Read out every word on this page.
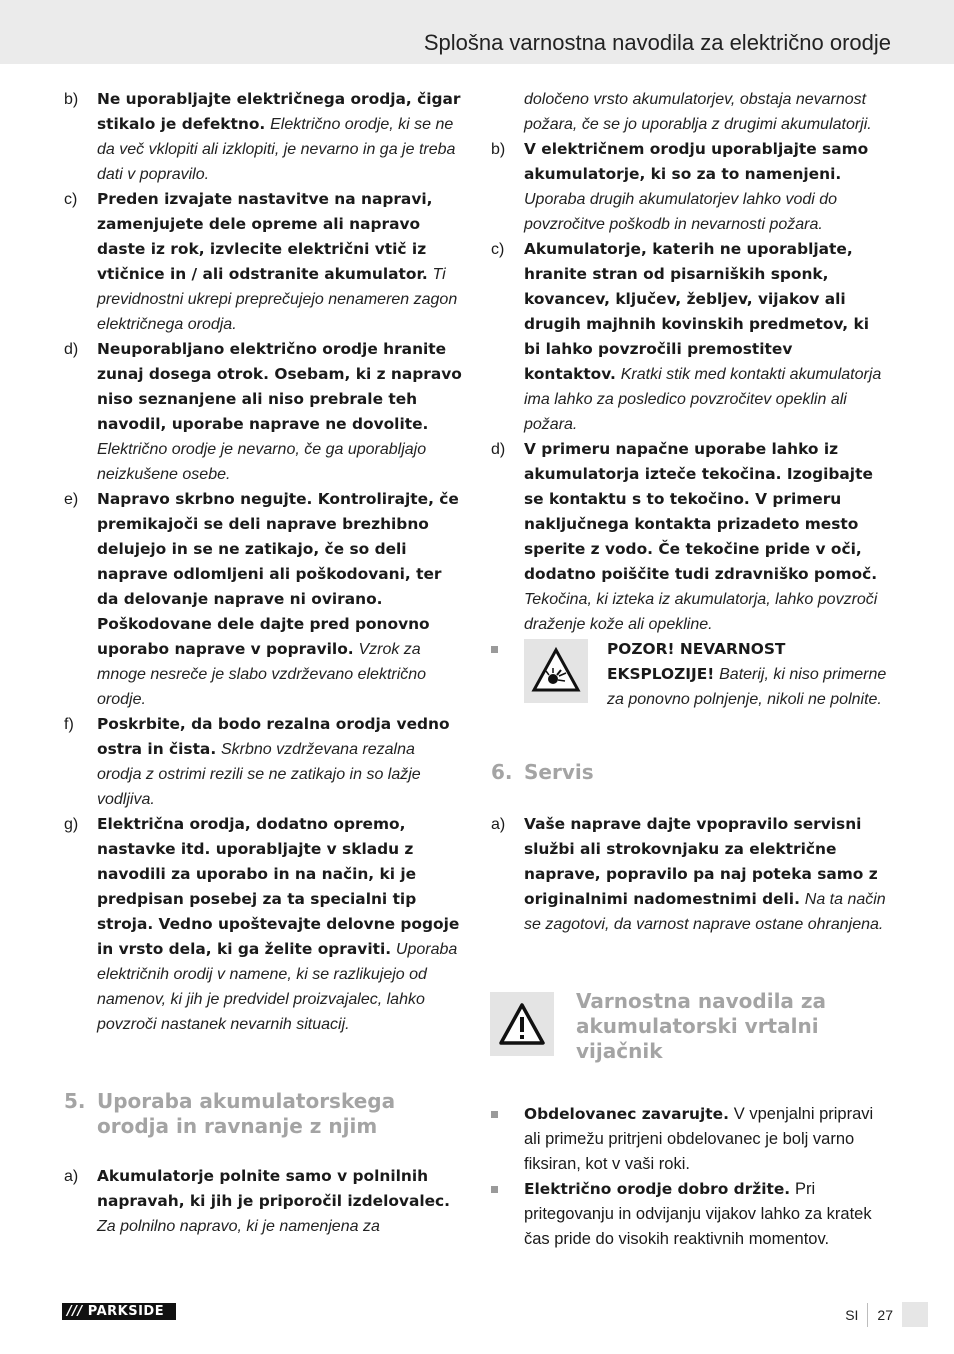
Splošna varnostna navodila za električno orodje
b) Ne uporabljajte električnega orodja, čigar stikalo je defektno. Električno orodje, ki se ne da več vklopiti ali izklopiti, je nevarno in ga je treba dati v popravilo.
c) Preden izvajate nastavitve na napravi, zamenjujete dele opreme ali napravo daste iz rok, izvlecite električni vtič iz vtičnice in / ali odstranite akumulator. Ti previdnostni ukrepi preprečujejo nenameren zagon električnega orodja.
d) Neuporabljano električno orodje hranite zunaj dosega otrok. Osebam, ki z napravo niso seznanjene ali niso prebrale teh navodil, uporabe naprave ne dovolite. Električno orodje je nevarno, če ga uporabljajo neizkušene osebe.
e) Napravo skrbno negujte. Kontrolirajte, če premikajoči se deli naprave brezhibno delujejo in se ne zatikajo, če so deli naprave odlomljeni ali poškodovani, ter da delovanje naprave ni ovirano. Poškodovane dele dajte pred ponovno uporabo naprave v popravilo. Vzrok za mnoge nesreče je slabo vzdrževano električno orodje.
f) Poskrbite, da bodo rezalna orodja vedno ostra in čista. Skrbno vzdrževana rezalna orodja z ostrimi rezili se ne zatikajo in so lažje vodljiva.
g) Električna orodja, dodatno opremo, nastavke itd. uporabljajte v skladu z navodili za uporabo in na način, ki je predpisan posebej za ta specialni tip stroja. Vedno upoštevajte delovne pogoje in vrsto dela, ki ga želite opraviti. Uporaba električnih orodij v namene, ki se razlikujejo od namenov, ki jih je predvidel proizvajalec, lahko povzroči nastanek nevarnih situacij.
5. Uporaba akumulatorskega
orodja in ravnanje z njim
a) Akumulatorje polnite samo v polnilnih napravah, ki jih je priporočil izdelovalec. Za polnilno napravo, ki je namenjena za
določeno vrsto akumulatorjev, obstaja nevarnost požara, če se jo uporablja z drugimi akumulatorji.
b) V električnem orodju uporabljajte samo akumulatorje, ki so za to namenjeni. Uporaba drugih akumulatorjev lahko vodi do povzročitve poškodb in nevarnosti požara.
c) Akumulatorje, katerih ne uporabljate, hranite stran od pisarniških sponk, kovancev, ključev, žebljev, vijakov ali drugih majhnih kovinskih predmetov, ki bi lahko povzročili premostitev kontaktov. Kratki stik med kontakti akumulatorja ima lahko za posledico povzročitev opeklin ali požara.
d) V primeru napačne uporabe lahko iz akumulatorja izteče tekočina. Izogibajte se kontaktu s to tekočino. V primeru naključnega kontakta prizadeto mesto sperite z vodo. Če tekočine pride v oči, dodatno poiščite tudi zdravniško pomoč. Tekočina, ki izteka iz akumulatorja, lahko povzroči draženje kože ali opekline.
POZOR! NEVARNOST EKSPLOZIJE! Baterij, ki niso primerne za ponovno polnjenje, nikoli ne polnite.
6. Servis
a) Vaše naprave dajte vpopravilo servisni službi ali strokovnjaku za električne naprave, popravilo pa naj poteka samo z originalnimi nadomestnimi deli. Na ta način se zagotovi, da varnost naprave ostane ohranjena.
Varnostna navodila za
akumulatorski vrtalni
vijačnik
Obdelovanec zavarujte. V vpenjalni pripravi ali primežu pritrjeni obdelovanec je bolj varno fiksiran, kot v vaši roki.
Električno orodje dobro držite. Pri pritegovanju in odvijanju vijakov lahko za kratek čas pride do visokih reaktivnih momentov.
/// PARKSIDE	SI 27
